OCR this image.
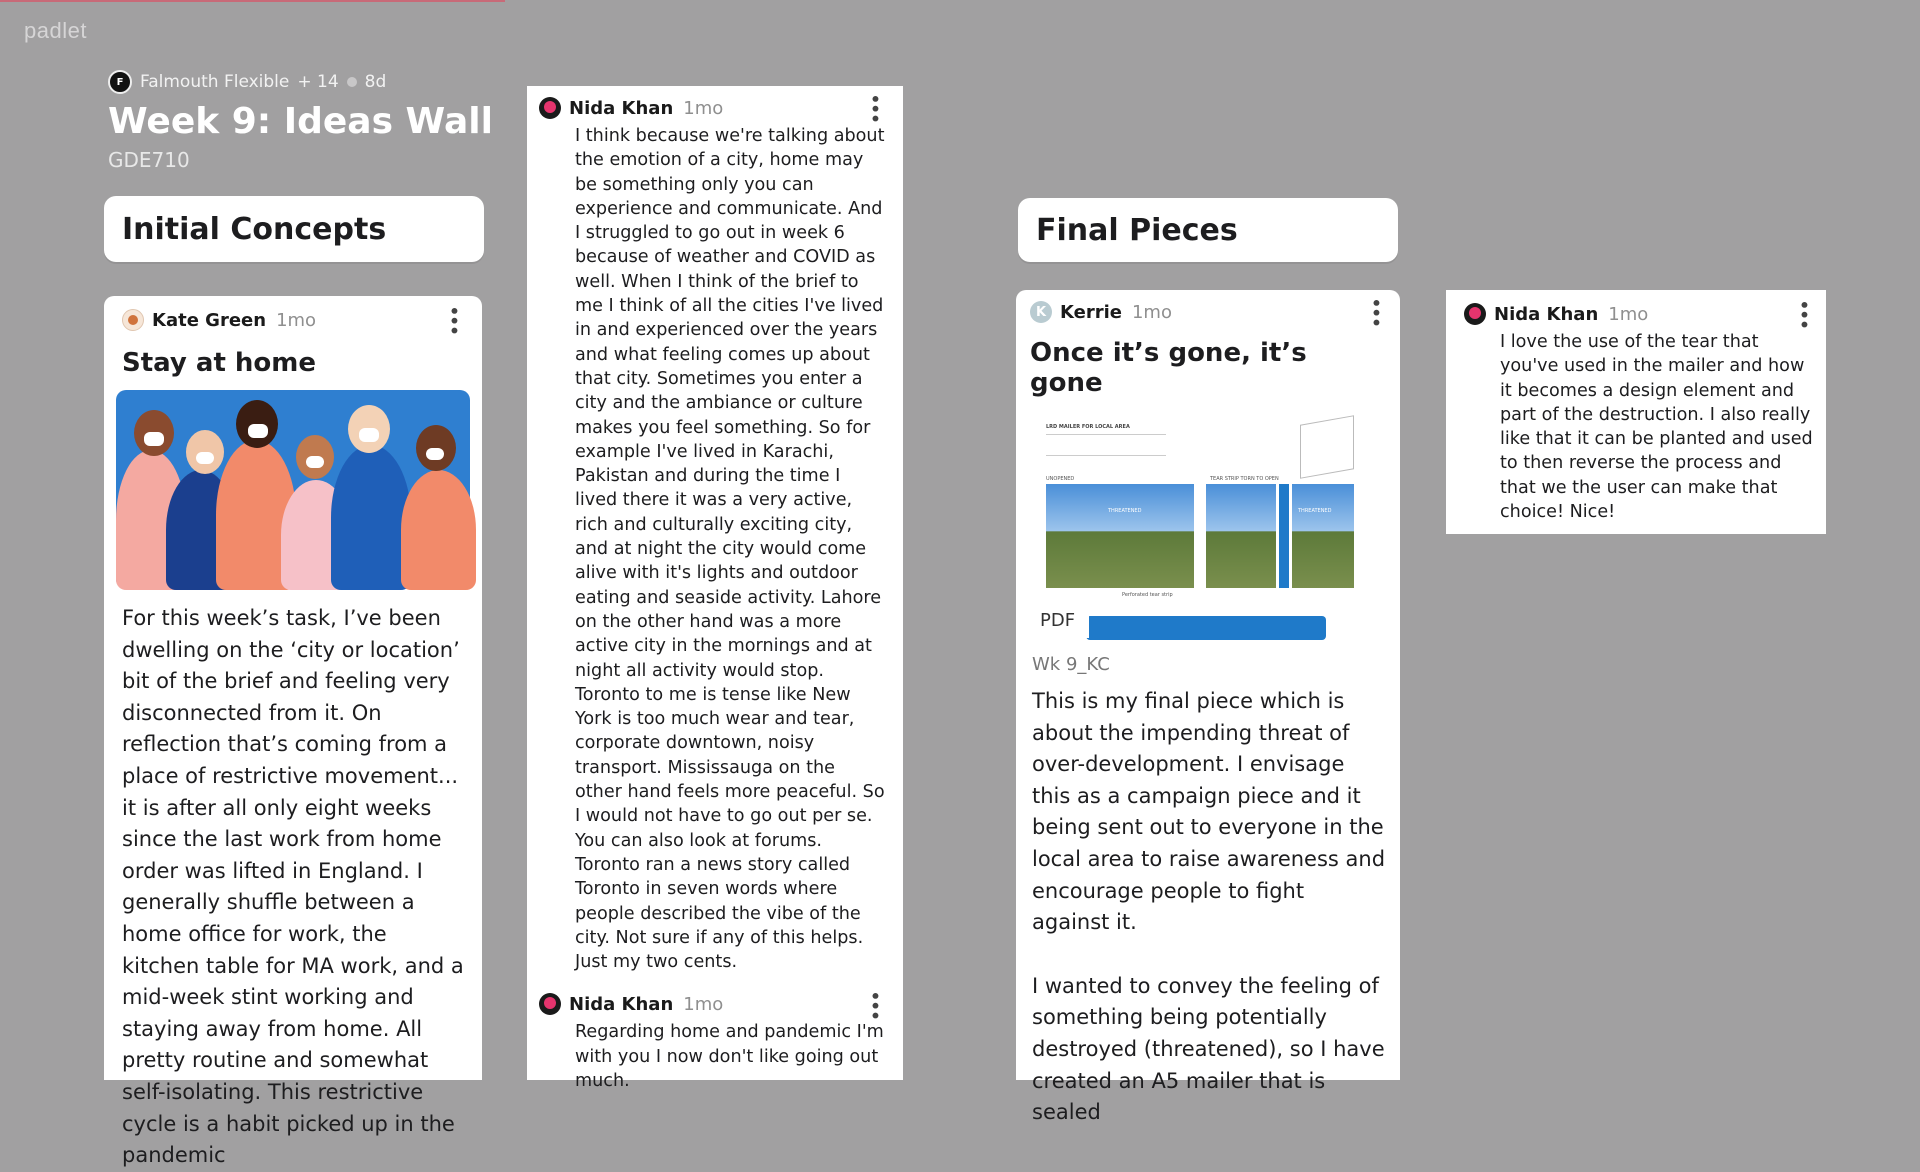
padlet
F Falmouth Flexible + 14 8d
Week 9: Ideas Wall
GDE710
Initial Concepts	Final Pieces
Kate Green 1mo	•••
Stay at home
For this week’s task, I’ve been dwelling on the ‘city or location’ bit of the brief and feeling very disconnected from it. On reflection that’s coming from a place of restrictive movement... it is after all only eight weeks since the last work from home order was lifted in England. I generally shuffle between a home office for work, the kitchen table for MA work, and a mid-week stint working and staying away from home. All pretty routine and somewhat self-isolating. This restrictive cycle is a habit picked up in the pandemic
Nida Khan 1mo	•••
I think because we're talking about the emotion of a city, home may be something only you can experience and communicate. And I struggled to go out in week 6 because of weather and COVID as well. When I think of the brief to me I think of all the cities I've lived in and experienced over the years and what feeling comes up about that city. Sometimes you enter a city and the ambiance or culture makes you feel something. So for example I've lived in Karachi, Pakistan and during the time I lived there it was a very active, rich and culturally exciting city, and at night the city would come alive with it's lights and outdoor eating and seaside activity. Lahore on the other hand was a more active city in the mornings and at night all activity would stop. Toronto to me is tense like New York is too much wear and tear, corporate downtown, noisy transport. Mississauga on the other hand feels more peaceful. So I would not have to go out per se. You can also look at forums. Toronto ran a news story called Toronto in seven words where people described the vibe of the city. Not sure if any of this helps. Just my two cents.
Nida Khan 1mo	•••
Regarding home and pandemic I'm with you I now don't like going out much.
K Kerrie 1mo	•••
Once it’s gone, it’s gone
LRD MAILER FOR LOCAL AREA
UNOPENED	TEAR STRIP TORN TO OPEN
THREATENED	THREATENED
Perforated tear strip
PDF
Wk 9_KC
This is my final piece which is about the impending threat of over-development. I envisage this as a campaign piece and it being sent out to everyone in the local area to raise awareness and encourage people to fight against it.
I wanted to convey the feeling of something being potentially destroyed (threatened), so I have created an A5 mailer that is sealed
Nida Khan 1mo	•••
I love the use of the tear that you've used in the mailer and how it becomes a design element and part of the destruction. I also really like that it can be planted and used to then reverse the process and that we the user can make that choice! Nice!
